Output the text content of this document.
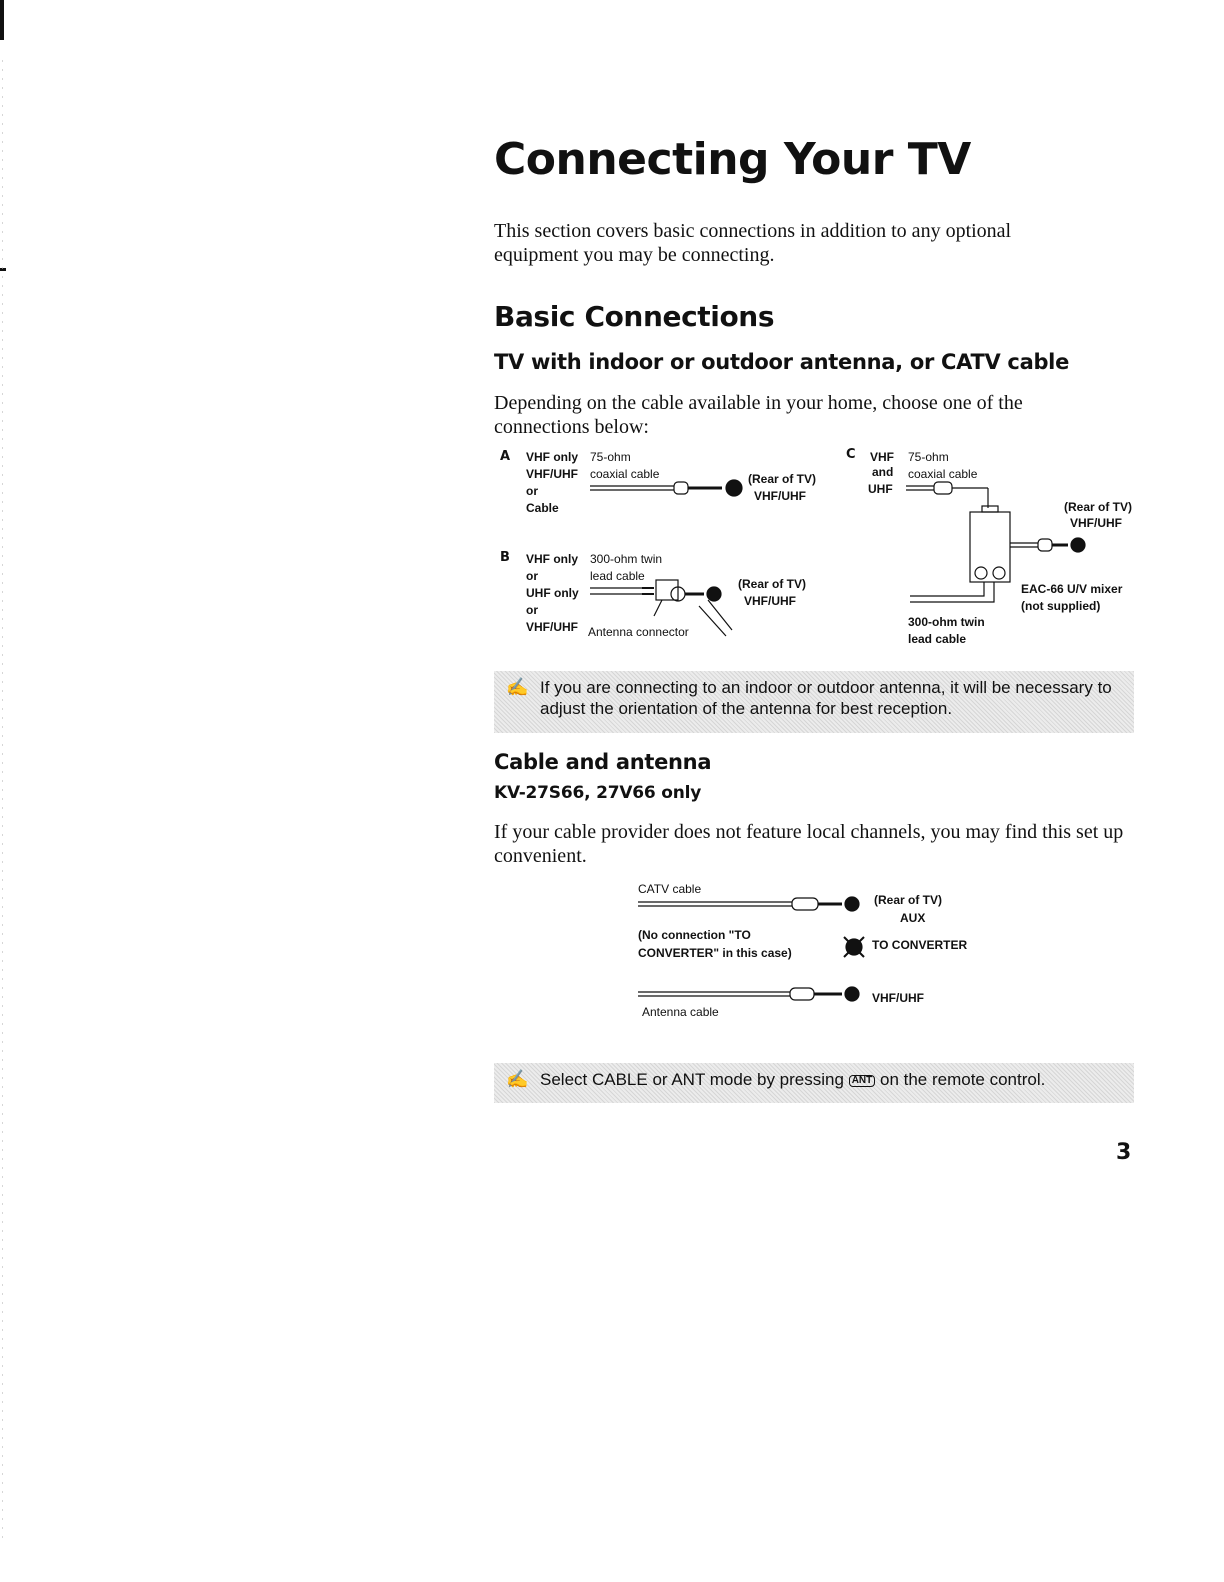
Connecting Your TV

This section covers basic connections in addition to any optional equipment you may be connecting.

Basic Connections
TV with indoor or outdoor antenna, or CATV cable

Depending on the cable available in your home, choose one of the connections below:

A VHF only
VHF/UHF
or
Cable
75-ohm
coaxial cable	(Rear of TV)
VHF/UHF
B VHF only
or
UHF only
or
VHF/UHF
300-ohm twin
lead cable
(Rear of TV)
VHF/UHF
Antenna connector
C VHF
and
UHF
75-ohm
coaxial cable
(Rear of TV)
VHF/UHF
EAC-66 U/V mixer
(not supplied)
300-ohm twin
lead cable
✍ If you are connecting to an indoor or outdoor antenna, it will be necessary to adjust the orientation of the antenna for best reception.
Cable and antenna
KV-27S66, 27V66 only

If your cable provider does not feature local channels, you may find this set up convenient.

CATV cable
(Rear of TV)
AUX
(No connection "TO
CONVERTER" in this case)
TO CONVERTER
VHF/UHF
Antenna cable
✍ Select CABLE or ANT mode by pressing ANT on the remote control.

3
